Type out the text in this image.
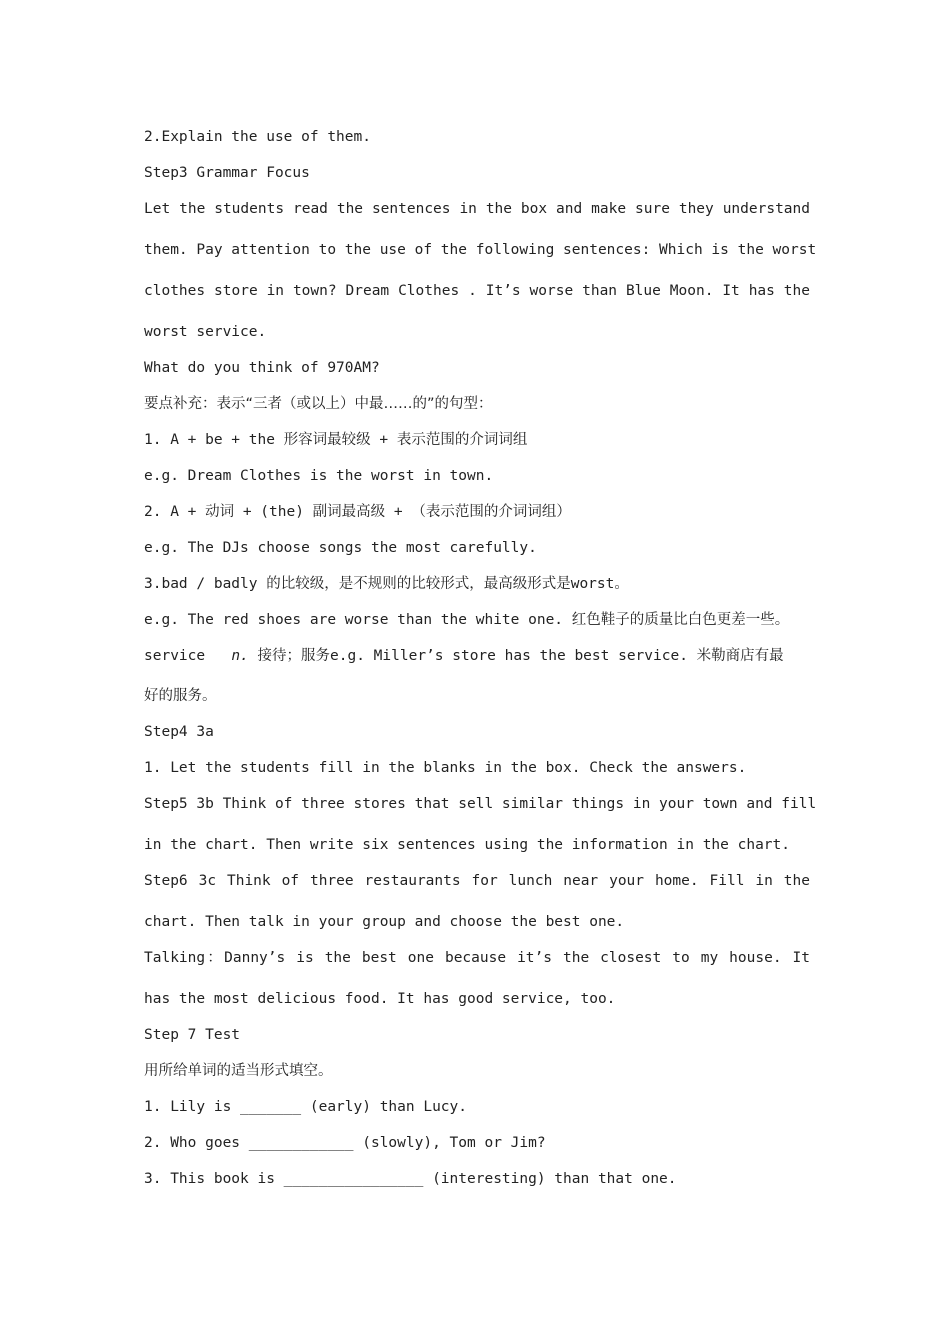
2.Explain the use of them.
Step3 Grammar Focus
Let the students read the sentences in the box and make sure they understand
them. Pay attention to the use of the following sentences: Which is the worst
clothes store in town? Dream Clothes . It’s worse than Blue Moon. It has the
worst service.
What do you think of 970AM?
要点补充：表示“三者（或以上）中最……的”的句型：
1. A + be + the 形容词最较级 + 表示范围的介词词组
e.g. Dream Clothes is the worst in town.
2. A + 动词 + (the) 副词最高级 + （表示范围的介词词组）
e.g. The DJs choose songs the most carefully.
3.bad / badly 的比较级，是不规则的比较形式，最高级形式是worst。
e.g. The red shoes are worse than the white one. 红色鞋子的质量比白色更差一些。
service n. 接待；服务e.g. Miller’s store has the best service. 米勒商店有最
好的服务。
Step4 3a
1. Let the students fill in the blanks in the box. Check the answers.
Step5 3b Think of three stores that sell similar things in your town and fill
in the chart. Then write six sentences using the information in the chart.
Step6 3c Think of three restaurants for lunch near your home. Fill in the
chart. Then talk in your group and choose the best one.
Talking：Danny’s is the best one because it’s the closest to my house. It
has the most delicious food. It has good service, too.
Step 7 Test
用所给单词的适当形式填空。
1. Lily is _______ (early) than Lucy.
2. Who goes ____________ (slowly), Tom or Jim?
3. This book is ________________ (interesting) than that one.
